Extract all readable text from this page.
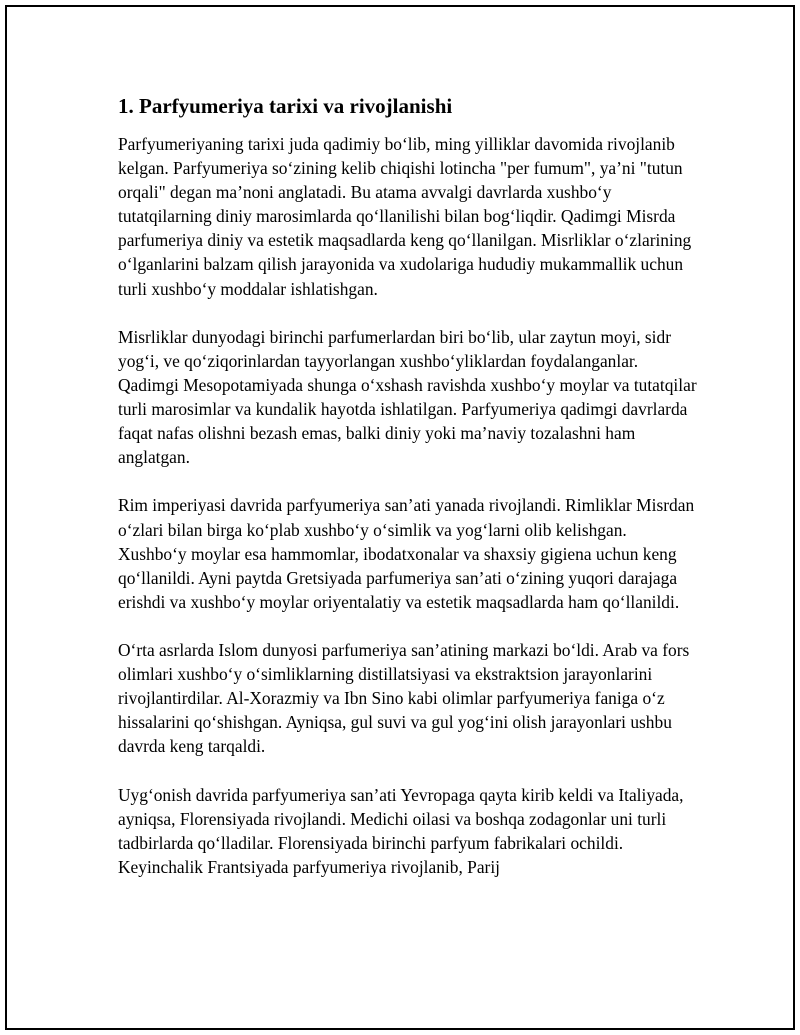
1. Parfyumeriya tarixi va rivojlanishi

Parfyumeriyaning tarixi juda qadimiy bo‘lib, ming yilliklar davomida rivojlanib kelgan. Parfyumeriya so‘zining kelib chiqishi lotincha "per fumum", ya’ni "tutun orqali" degan ma’noni anglatadi. Bu atama avvalgi davrlarda xushbo‘y tutatqilarning diniy marosimlarda qo‘llanilishi bilan bog‘liqdir. Qadimgi Misrda parfumeriya diniy va estetik maqsadlarda keng qo‘llanilgan. Misrliklar o‘zlarining o‘lganlarini balzam qilish jarayonida va xudolariga hududiy mukammallik uchun turli xushbo‘y moddalar ishlatishgan.

Misrliklar dunyodagi birinchi parfumerlardan biri bo‘lib, ular zaytun moyi, sidr yog‘i, ve qo‘ziqorinlardan tayyorlangan xushbo‘yliklardan foydalanganlar. Qadimgi Mesopotamiyada shunga o‘xshash ravishda xushbo‘y moylar va tutatqilar turli marosimlar va kundalik hayotda ishlatilgan. Parfyumeriya qadimgi davrlarda faqat nafas olishni bezash emas, balki diniy yoki ma’naviy tozalashni ham anglatgan.

Rim imperiyasi davrida parfyumeriya san’ati yanada rivojlandi. Rimliklar Misrdan o‘zlari bilan birga ko‘plab xushbo‘y o‘simlik va yog‘larni olib kelishgan. Xushbo‘y moylar esa hammomlar, ibodatxonalar va shaxsiy gigiena uchun keng qo‘llanildi. Ayni paytda Gretsiyada parfumeriya san’ati o‘zining yuqori darajaga erishdi va xushbo‘y moylar oriyentalatiy va estetik maqsadlarda ham qo‘llanildi.

O‘rta asrlarda Islom dunyosi parfumeriya san’atining markazi bo‘ldi. Arab va fors olimlari xushbo‘y o‘simliklarning distillatsiyasi va ekstraktsion jarayonlarini rivojlantirdilar. Al-Xorazmiy va Ibn Sino kabi olimlar parfyumeriya faniga o‘z hissalarini qo‘shishgan. Ayniqsa, gul suvi va gul yog‘ini olish jarayonlari ushbu davrda keng tarqaldi.

Uyg‘onish davrida parfyumeriya san’ati Yevropaga qayta kirib keldi va Italiyada, ayniqsa, Florensiyada rivojlandi. Medichi oilasi va boshqa zodagonlar uni turli tadbirlarda qo‘lladilar. Florensiyada birinchi parfyum fabrikalari ochildi. Keyinchalik Frantsiyada parfyumeriya rivojlanib, Parij
